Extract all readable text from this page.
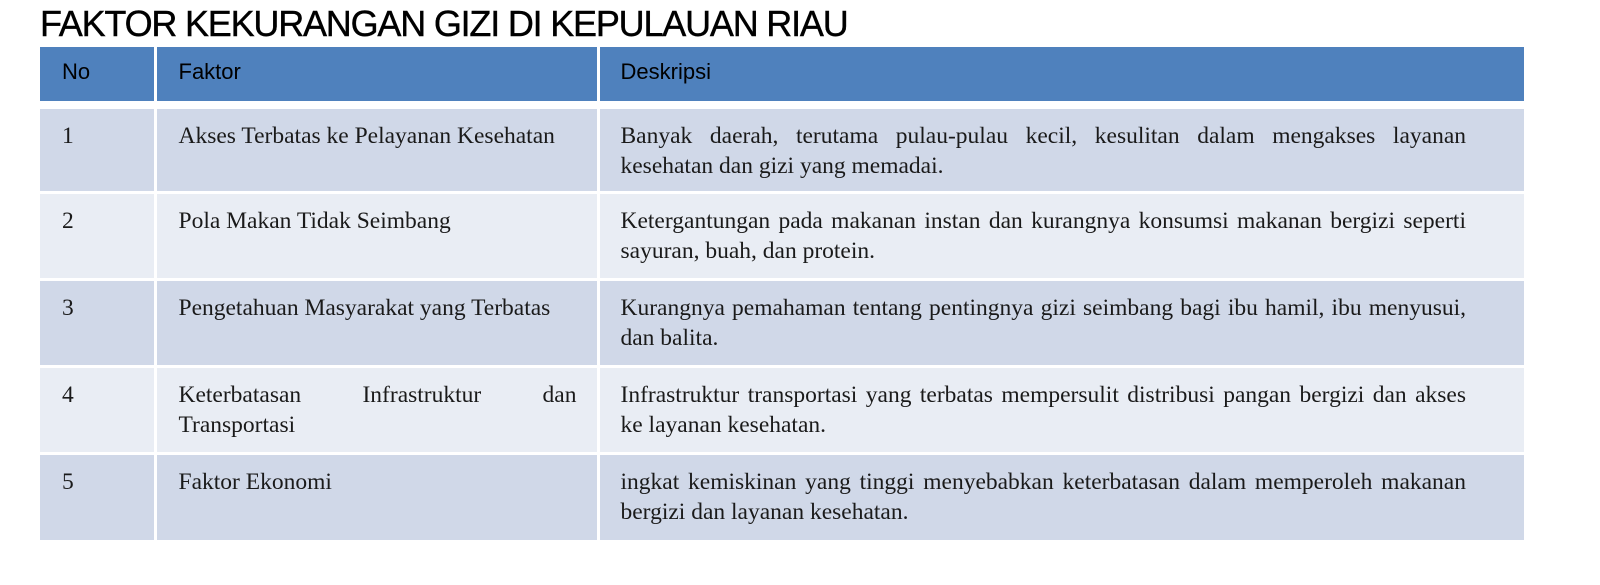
FAKTOR KEKURANGAN GIZI DI KEPULAUAN RIAU
No	Faktor	Deskripsi
1	Akses Terbatas ke Pelayanan Kesehatan	Banyak daerah, terutama pulau-pulau kecil, kesulitan dalam mengakses layanan kesehatan dan gizi yang memadai.
2	Pola Makan Tidak Seimbang	Ketergantungan pada makanan instan dan kurangnya konsumsi makanan bergizi seperti sayuran, buah, dan protein.
3	Pengetahuan Masyarakat yang Terbatas	Kurangnya pemahaman tentang pentingnya gizi seimbang bagi ibu hamil, ibu menyusui, dan balita.
4	Keterbatasan Infrastruktur dan Transportasi	Infrastruktur transportasi yang terbatas mempersulit distribusi pangan bergizi dan akses ke layanan kesehatan.
5	Faktor Ekonomi	ingkat kemiskinan yang tinggi menyebabkan keterbatasan dalam memperoleh makanan bergizi dan layanan kesehatan.
